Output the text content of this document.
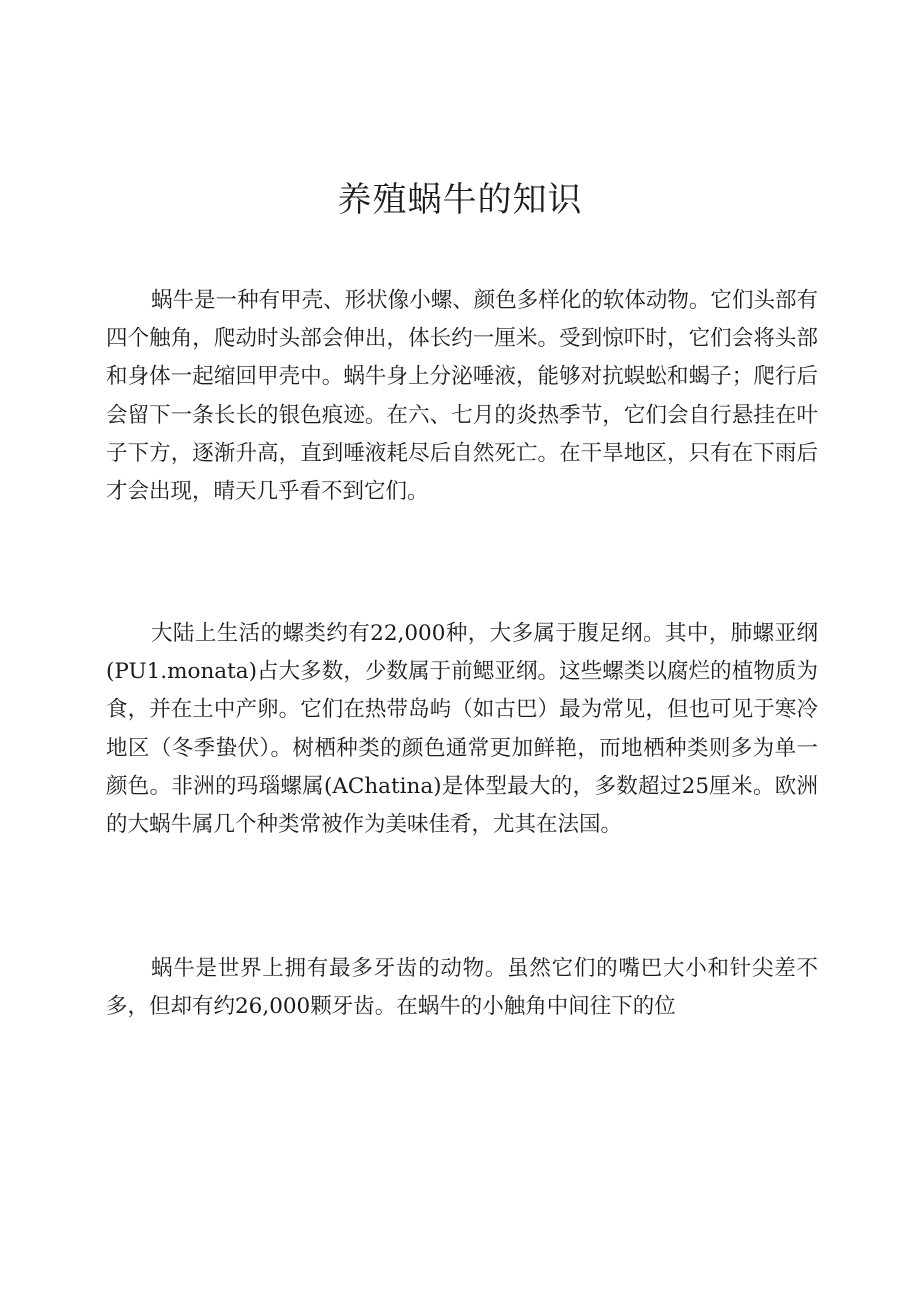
养殖蜗牛的知识

蜗牛是一种有甲壳、形状像小螺、颜色多样化的软体动物。它们头部有四个触角，爬动时头部会伸出，体长约一厘米。受到惊吓时，它们会将头部和身体一起缩回甲壳中。蜗牛身上分泌唾液，能够对抗蜈蚣和蝎子；爬行后会留下一条长长的银色痕迹。在六、七月的炎热季节，它们会自行悬挂在叶子下方，逐渐升高，直到唾液耗尽后自然死亡。在干旱地区，只有在下雨后才会出现，晴天几乎看不到它们。

大陆上生活的螺类约有22,000种，大多属于腹足纲。其中，肺螺亚纲(PU1.monata)占大多数，少数属于前鳃亚纲。这些螺类以腐烂的植物质为食，并在土中产卵。它们在热带岛屿（如古巴）最为常见，但也可见于寒冷地区（冬季蛰伏）。树栖种类的颜色通常更加鲜艳，而地栖种类则多为单一颜色。非洲的玛瑙螺属(AChatina)是体型最大的，多数超过25厘米。欧洲的大蜗牛属几个种类常被作为美味佳肴，尤其在法国。

蜗牛是世界上拥有最多牙齿的动物。虽然它们的嘴巴大小和针尖差不多，但却有约26,000颗牙齿。在蜗牛的小触角中间往下的位
